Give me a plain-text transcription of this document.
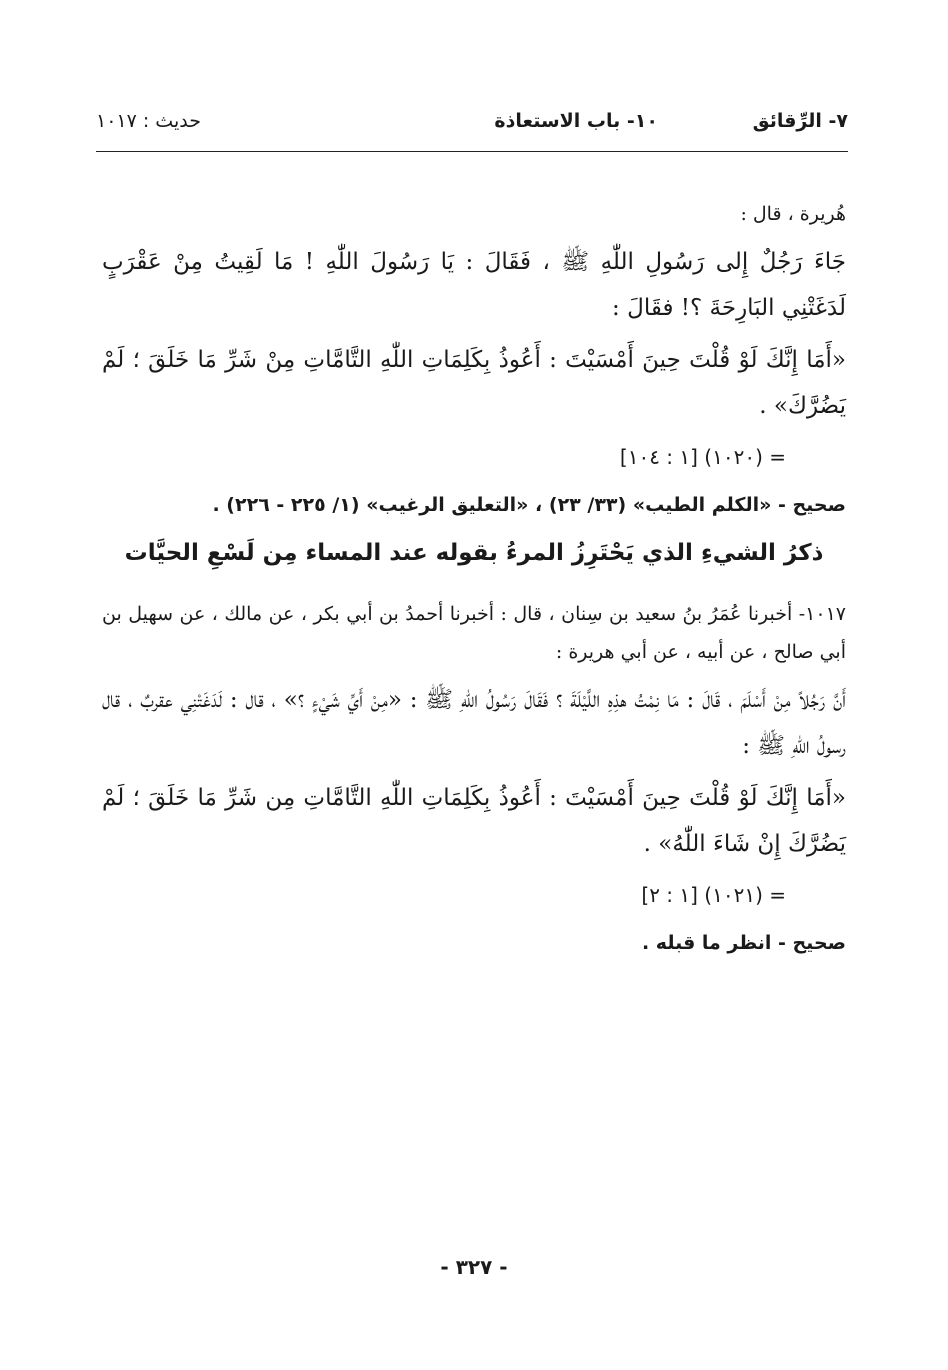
٧- الرِّقائق
١٠- باب الاستعاذة
حديث : ١٠١٧

هُريرة ، قال :

جَاءَ رَجُلٌ إِلى رَسُولِ اللّٰهِ ﷺ ، فَقَالَ : يَا رَسُولَ اللّٰهِ ! مَا لَقِيتُ مِنْ عَقْرَبٍ لَدَغَتْنِي البَارِحَةَ ؟! فقَالَ :

«أَمَا إِنَّكَ لَوْ قُلْتَ حِينَ أَمْسَيْتَ : أَعُوذُ بِكَلِمَاتِ اللّٰهِ التَّامَّاتِ مِنْ شَرِّ مَا خَلَقَ ؛ لَمْ يَضُرَّكَ» .

= (١٠٢٠) [١ : ١٠٤]

صحيح - «الكلم الطيب» (٣٣/ ٢٣) ، «التعليق الرغيب» (١/ ٢٢٥ - ٢٢٦) .

ذكرُ الشيءِ الذي يَحْتَرِزُ المرءُ بقوله عند المساء مِن لَسْعِ الحيَّات

١٠١٧- أخبرنا عُمَرُ بنُ سعيد بن سِنان ، قال : أخبرنا أحمدُ بن أبي بكر ، عن مالك ، عن سهيل بن أبي صالح ، عن أبيه ، عن أبي هريرة :

أَنَّ رَجُلاً مِنْ أَسْلَمَ ، قَالَ : مَا نِمْتُ هذِهِ اللَّيْلَةَ ؟ فَقَالَ رَسُولُ اللّٰهِ ﷺ : «مِنْ أَيِّ شَيْءٍ ؟» ، قال : لَدَغَتْنِي عقربٌ ، قال رسولُ اللّٰهِ ﷺ :

«أَمَا إِنَّكَ لَوْ قُلْتَ حِينَ أَمْسَيْتَ : أَعُوذُ بِكَلِمَاتِ اللّٰهِ التَّامَّاتِ مِن شَرِّ مَا خَلَقَ ؛ لَمْ يَضُرَّكَ إِنْ شَاءَ اللّٰهُ» .

= (١٠٢١) [١ : ٢]

صحيح - انظر ما قبله .

- ٣٢٧ -
